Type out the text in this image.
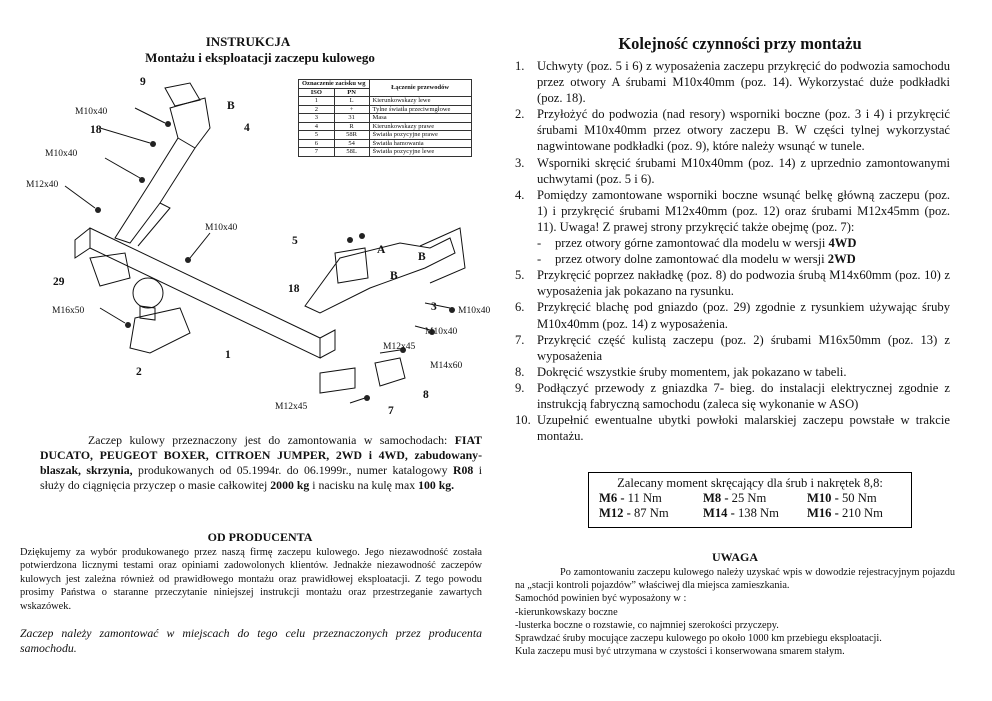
INSTRUKCJA
Montażu i eksploatacji zaczepu kulowego
9
B
M10x40
18	4
M10x40
M12x40
M10x40
5
A
B
B
18
29
M16x50	3 M10x40
M10x40
M12x45
M14x60
1
2
8
M12x45	7
Oznaczenie zacisku wg		Łączenie przewodów
ISO	PN	
1	L	Kierunkowskazy lewe
2	+	Tylne światła przeciwmgłowe
3	31	Masa
4	R	Kierunkowskazy prawe
5	58R	Światła pozycyjne prawe
6	54	Światła hamowania
7	58L	Światła pozycyjne lewe
Zaczep kulowy przeznaczony jest do zamontowania w samochodach: FIAT DUCATO, PEUGEOT BOXER, CITROEN JUMPER, 2WD i 4WD, zabudowany-blaszak, skrzynia, produkowanych od 05.1994r. do 06.1999r., numer katalogowy R08 i służy do ciągnięcia przyczep o masie całkowitej 2000 kg i nacisku na kulę max 100 kg.
OD PRODUCENTA
Dziękujemy za wybór produkowanego przez naszą firmę zaczepu kulowego. Jego niezawodność została potwierdzona licznymi testami oraz opiniami zadowolonych klientów. Jednakże niezawodność zaczepów kulowych jest zależna również od prawidłowego montażu oraz prawidłowej eksploatacji. Z tego powodu prosimy Państwa o staranne przeczytanie niniejszej instrukcji montażu oraz przestrzeganie zawartych wskazówek.
Zaczep należy zamontować w miejscach do tego celu przeznaczonych przez producenta samochodu.
Kolejność czynności przy montażu
1. Uchwyty (poz. 5 i 6) z wyposażenia zaczepu przykręcić do podwozia samochodu przez otwory A śrubami M10x40mm (poz. 14). Wykorzystać duże podkładki (poz. 18).
2. Przyłożyć do podwozia (nad resory) wsporniki boczne (poz. 3 i 4) i przykręcić śrubami M10x40mm przez otwory zaczepu B. W części tylnej wykorzystać nagwintowane podkładki (poz. 9), które należy wsunąć w tunele.
3. Wsporniki skręcić śrubami M10x40mm (poz. 14) z uprzednio zamontowanymi uchwytami (poz. 5 i 6).
4. Pomiędzy zamontowane wsporniki boczne wsunąć belkę główną zaczepu (poz. 1) i przykręcić śrubami M12x40mm (poz. 12) oraz śrubami M12x45mm (poz. 11). Uwaga! Z prawej strony przykręcić także obejmę (poz. 7):
- przez otwory górne zamontować dla modelu w wersji 4WD
- przez otwory dolne zamontować dla modelu w wersji 2WD
5. Przykręcić poprzez nakładkę (poz. 8) do podwozia śrubą M14x60mm (poz. 10) z wyposażenia jak pokazano na rysunku.
6. Przykręcić blachę pod gniazdo (poz. 29) zgodnie z rysunkiem używając śruby M10x40mm (poz. 14) z wyposażenia.
7. Przykręcić część kulistą zaczepu (poz. 2) śrubami M16x50mm (poz. 13) z wyposażenia
8. Dokręcić wszystkie śruby momentem, jak pokazano w tabeli.
9. Podłączyć przewody z gniazdka 7- bieg. do instalacji elektrycznej zgodnie z instrukcją fabryczną samochodu (zaleca się wykonanie w ASO)
10. Uzupełnić ewentualne ubytki powłoki malarskiej zaczepu powstałe w trakcie montażu.
Zalecany moment skręcający dla śrub i nakrętek 8,8:
M6 - 11 Nm	M8 - 25 Nm	M10 - 50 Nm
M12 - 87 Nm	M14 - 138 Nm	M16 - 210 Nm
UWAGA
Po zamontowaniu zaczepu kulowego należy uzyskać wpis w dowodzie rejestracyjnym pojazdu na „stacji kontroli pojazdów” właściwej dla miejsca zamieszkania.
Samochód powinien być wyposażony w :
-kierunkowskazy boczne
-lusterka boczne o rozstawie, co najmniej szerokości przyczepy.
Sprawdzać śruby mocujące zaczepu kulowego po około 1000 km przebiegu eksploatacji.
Kula zaczepu musi być utrzymana w czystości i konserwowana smarem stałym.
